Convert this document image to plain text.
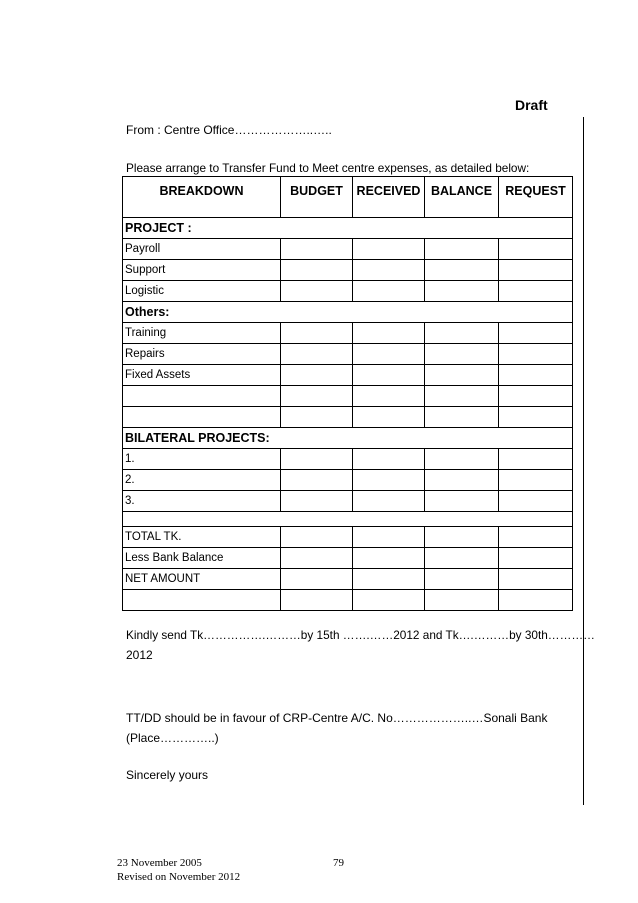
Draft
From : Centre Office………………..…..
Please arrange to Transfer Fund to Meet centre expenses, as detailed below:
BREAKDOWN	BUDGET	RECEIVED	BALANCE	REQUEST
PROJECT :				
Payroll				
Support				
Logistic				
Others:				
Training				
Repairs				
Fixed Assets				

BILATERAL PROJECTS:				
1.				
2.				
3.				

TOTAL TK.				
Less Bank Balance				
NET AMOUNT				

Kindly send Tk…………….………by 15th …….……2012 and Tk….………by 30th…………
2012
TT/DD should be in favour of CRP-Centre A/C. No………………..…Sonali Bank
(Place…………..)
Sincerely yours
23 November 2005	79
Revised on November 2012
